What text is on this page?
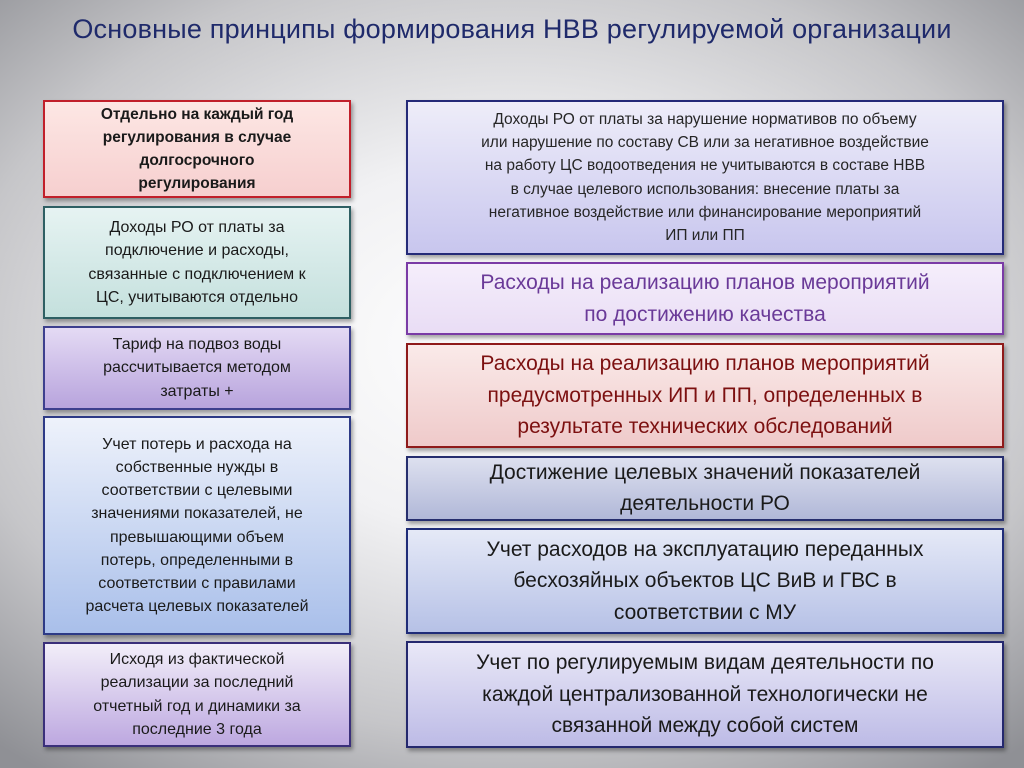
Основные принципы формирования НВВ регулируемой организации
Отдельно на каждый год
регулирования в случае
долгосрочного
регулирования
Доходы РО от платы за
подключение и расходы,
связанные с подключением к
ЦС, учитываются отдельно
Тариф на подвоз воды
рассчитывается методом
затраты +
Учет потерь и расхода на
собственные нужды в
соответствии с целевыми
значениями показателей, не
превышающими объем
потерь, определенными в
соответствии с правилами
расчета целевых показателей
Исходя из фактической
реализации за последний
отчетный год и динамики за
последние 3 года
Доходы РО от платы за нарушение нормативов по объему
или нарушение по составу СВ или за негативное воздействие
на работу ЦС водоотведения не учитываются в составе НВВ
в случае целевого использования: внесение платы за
негативное воздействие или финансирование мероприятий
ИП или ПП
Расходы на реализацию планов мероприятий
по достижению качества
Расходы на реализацию планов мероприятий
предусмотренных ИП и ПП, определенных в
результате технических обследований
Достижение целевых значений показателей
деятельности РО
Учет расходов на эксплуатацию переданных
бесхозяйных объектов ЦС ВиВ и ГВС в
соответствии с МУ
Учет по регулируемым видам деятельности по
каждой централизованной технологически не
связанной между собой систем
